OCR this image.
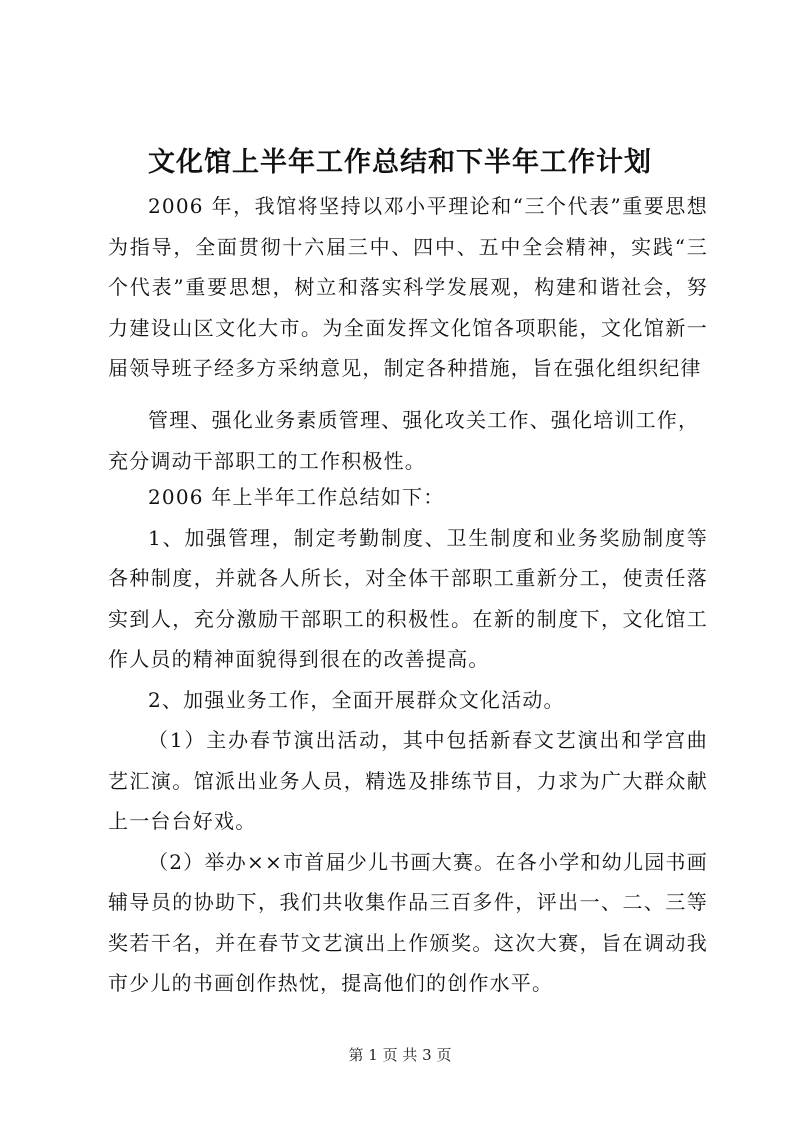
文化馆上半年工作总结和下半年工作计划

2006 年，我馆将坚持以邓小平理论和“三个代表”重要思想为指导，全面贯彻十六届三中、四中、五中全会精神，实践“三个代表”重要思想，树立和落实科学发展观，构建和谐社会，努力建设山区文化大市。为全面发挥文化馆各项职能，文化馆新一届领导班子经多方采纳意见，制定各种措施，旨在强化组织纪律

管理、强化业务素质管理、强化攻关工作、强化培训工作，

充分调动干部职工的工作积极性。

2006 年上半年工作总结如下：

1、加强管理，制定考勤制度、卫生制度和业务奖励制度等各种制度，并就各人所长，对全体干部职工重新分工，使责任落实到人，充分激励干部职工的积极性。在新的制度下，文化馆工作人员的精神面貌得到很在的改善提高。

2、加强业务工作，全面开展群众文化活动。

（1）主办春节演出活动，其中包括新春文艺演出和学宫曲艺汇演。馆派出业务人员，精选及排练节目，力求为广大群众献上一台台好戏。

（2）举办××市首届少儿书画大赛。在各小学和幼儿园书画辅导员的协助下，我们共收集作品三百多件，评出一、二、三等奖若干名，并在春节文艺演出上作颁奖。这次大赛，旨在调动我市少儿的书画创作热忱，提高他们的创作水平。

第 1 页 共 3 页
